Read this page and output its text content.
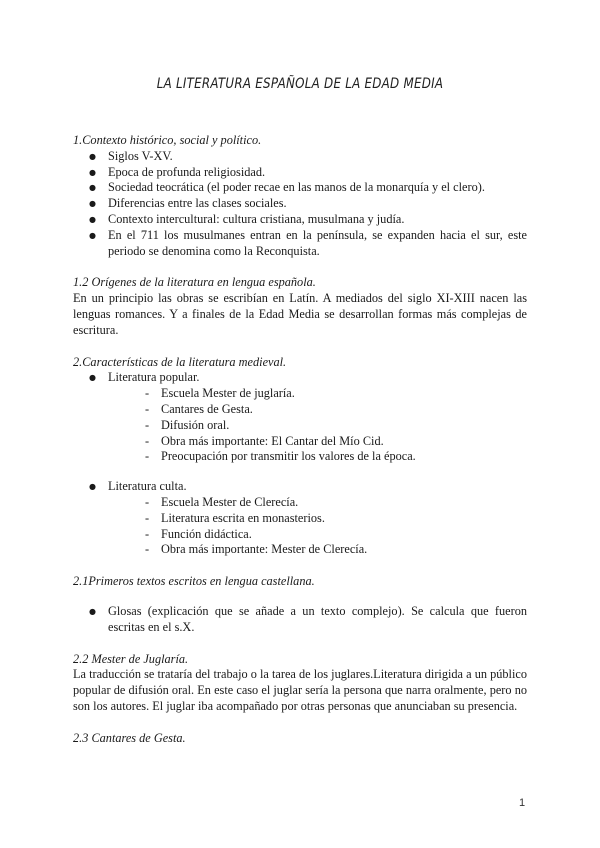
LA LITERATURA ESPAÑOLA DE LA EDAD MEDIA
1.Contexto histórico, social y político.
● Siglos V-XV.
● Epoca de profunda religiosidad.
● Sociedad teocrática (el poder recae en las manos de la monarquía y el clero).
● Diferencias entre las clases sociales.
● Contexto intercultural: cultura cristiana, musulmana y judía.
● En el 711 los musulmanes entran en la península, se expanden hacia el sur, este periodo se denomina como la Reconquista.
1.2 Orígenes de la literatura en lengua española.

En un principio las obras se escribían en Latín. A mediados del siglo XI-XIII nacen las lenguas romances. Y a finales de la Edad Media se desarrollan formas más complejas de escritura.

2.Características de la literatura medieval.
● Literatura popular.
- Escuela Mester de juglaría.
- Cantares de Gesta.
- Difusión oral.
- Obra más importante: El Cantar del Mío Cid.
- Preocupación por transmitir los valores de la época.
● Literatura culta.
- Escuela Mester de Clerecía.
- Literatura escrita en monasterios.
- Función didáctica.
- Obra más importante: Mester de Clerecía.
2.1Primeros textos escritos en lengua castellana.
● Glosas (explicación que se añade a un texto complejo). Se calcula que fueron escritas en el s.X.
2.2 Mester de Juglaría.

La traducción se trataría del trabajo o la tarea de los juglares.Literatura dirigida a un público popular de difusión oral. En este caso el juglar sería la persona que narra oralmente, pero no son los autores. El juglar iba acompañado por otras personas que anunciaban su presencia.

2.3 Cantares de Gesta.
1
